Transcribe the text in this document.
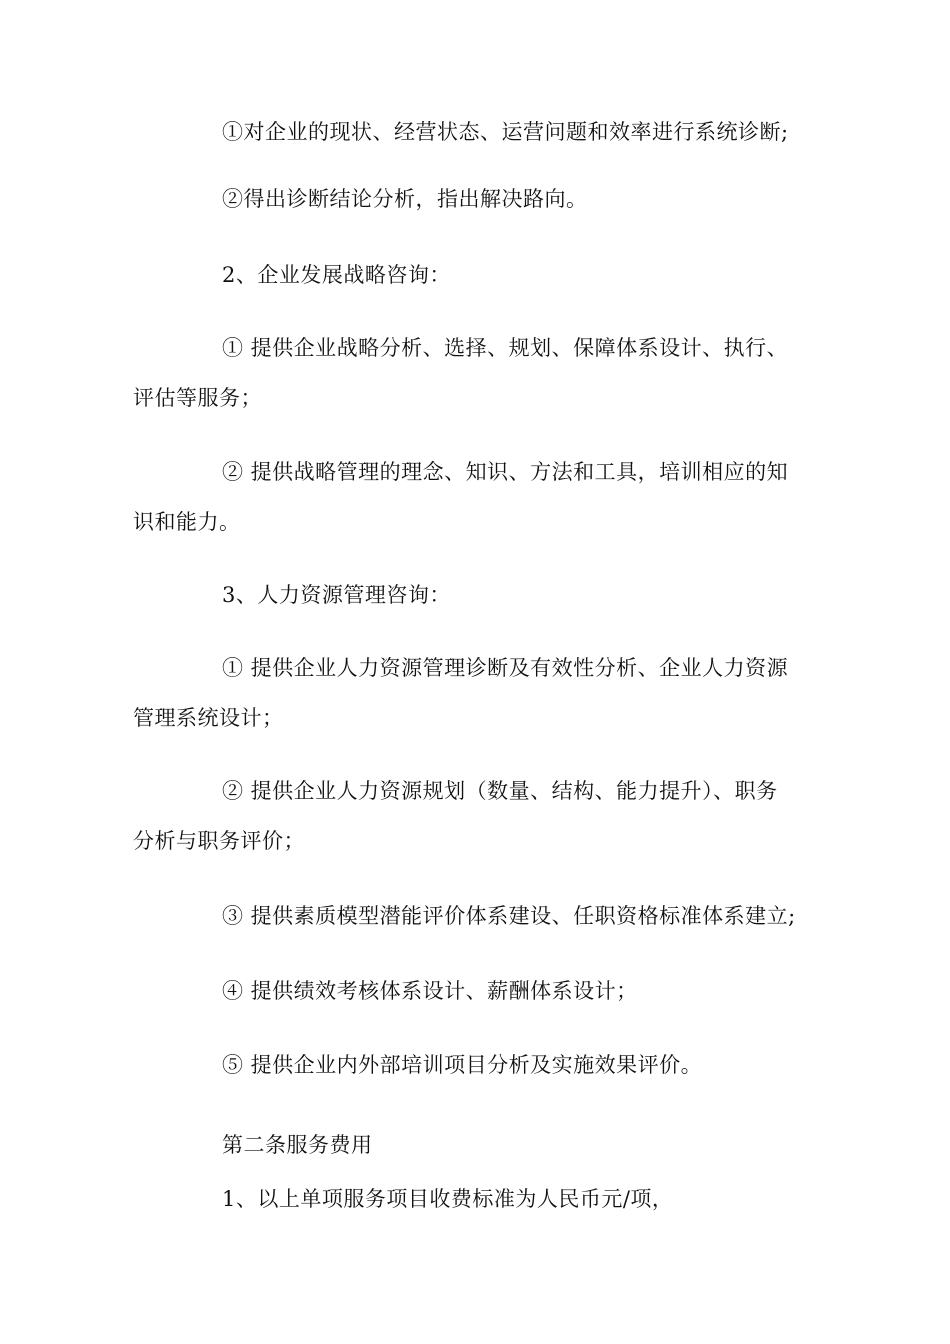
①对企业的现状、经营状态、运营问题和效率进行系统诊断;
②得出诊断结论分析，指出解决路向。
2、企业发展战略咨询：
① 提供企业战略分析、选择、规划、保障体系设计、执行、
评估等服务；
② 提供战略管理的理念、知识、方法和工具，培训相应的知
识和能力。
3、人力资源管理咨询：
① 提供企业人力资源管理诊断及有效性分析、企业人力资源
管理系统设计；
② 提供企业人力资源规划（数量、结构、能力提升）、职务
分析与职务评价；
③ 提供素质模型潜能评价体系建设、任职资格标准体系建立;
④ 提供绩效考核体系设计、薪酬体系设计；
⑤ 提供企业内外部培训项目分析及实施效果评价。
第二条服务费用
1、以上单项服务项目收费标准为人民币元/项，
